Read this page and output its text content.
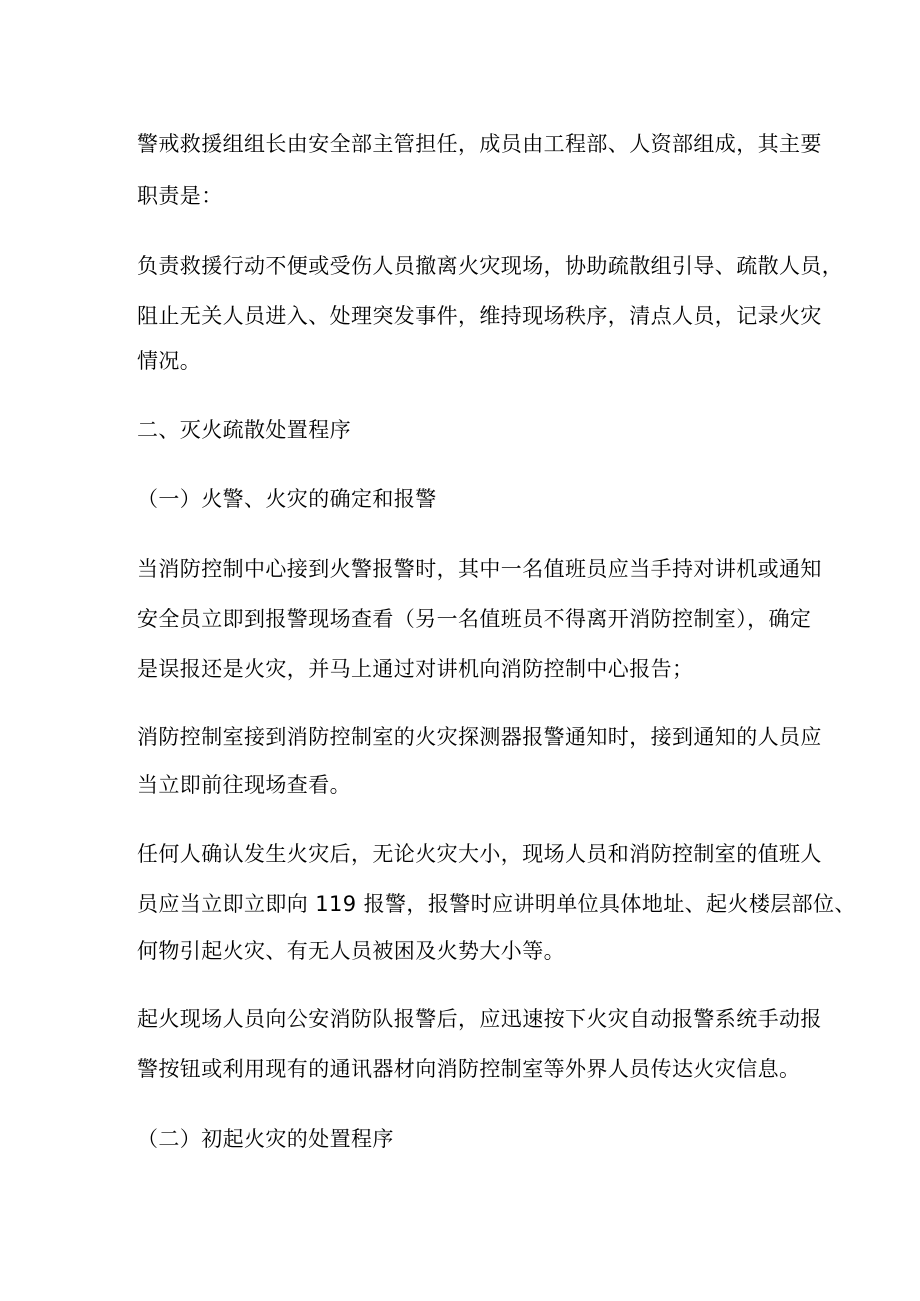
警戒救援组组长由安全部主管担任，成员由工程部、人资部组成，其主要
职责是：
负责救援行动不便或受伤人员撤离火灾现场，协助疏散组引导、疏散人员，
阻止无关人员进入、处理突发事件，维持现场秩序，清点人员，记录火灾
情况。
二、灭火疏散处置程序
（一）火警、火灾的确定和报警
当消防控制中心接到火警报警时，其中一名值班员应当手持对讲机或通知
安全员立即到报警现场查看（另一名值班员不得离开消防控制室），确定
是误报还是火灾，并马上通过对讲机向消防控制中心报告；
消防控制室接到消防控制室的火灾探测器报警通知时，接到通知的人员应
当立即前往现场查看。
任何人确认发生火灾后，无论火灾大小，现场人员和消防控制室的值班人
员应当立即立即向 119 报警，报警时应讲明单位具体地址、起火楼层部位、
何物引起火灾、有无人员被困及火势大小等。
起火现场人员向公安消防队报警后，应迅速按下火灾自动报警系统手动报
警按钮或利用现有的通讯器材向消防控制室等外界人员传达火灾信息。
（二）初起火灾的处置程序
